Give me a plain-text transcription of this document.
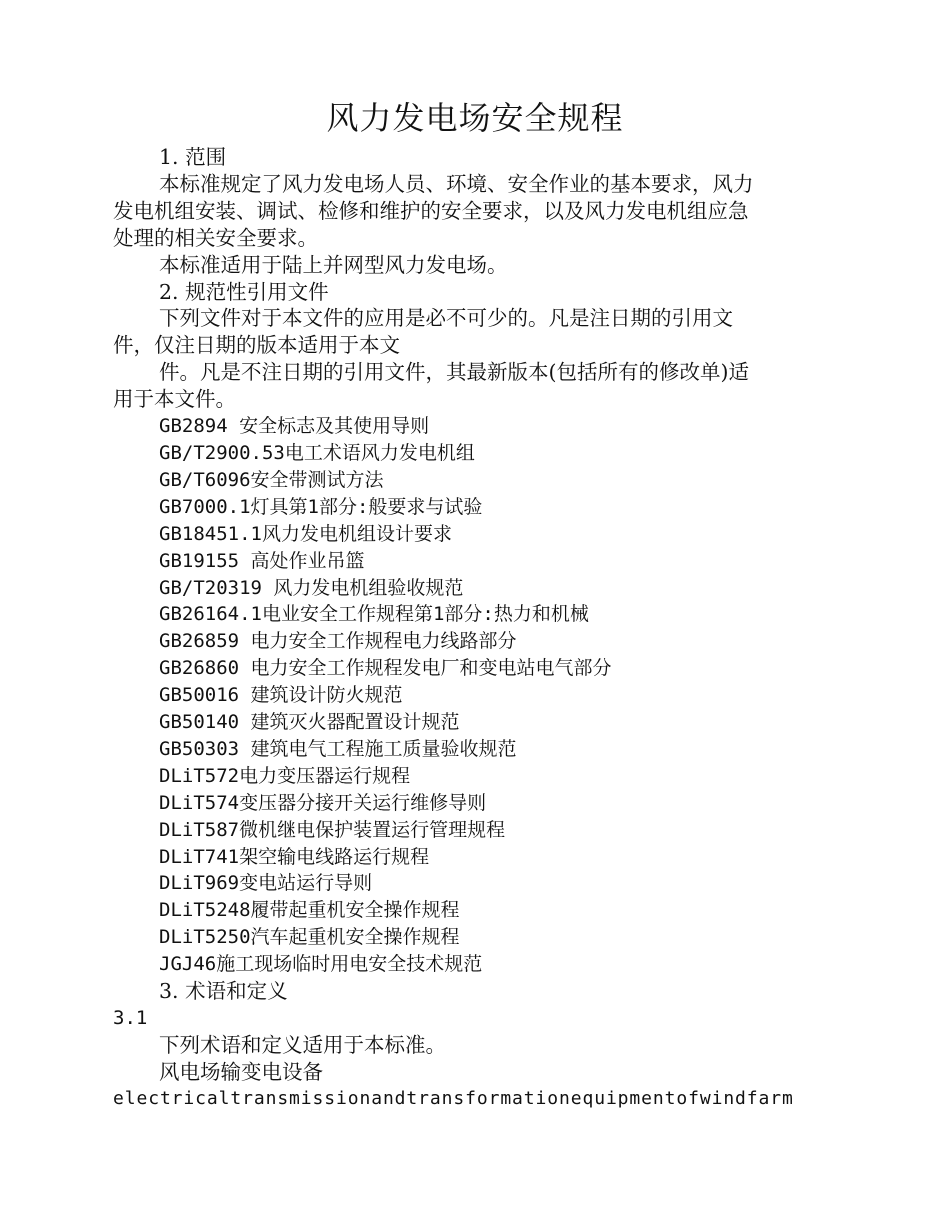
风力发电场安全规程

1. 范围

本标准规定了风力发电场人员、环境、安全作业的基本要求，风力

发电机组安装、调试、检修和维护的安全要求，以及风力发电机组应急

处理的相关安全要求。

本标准适用于陆上并网型风力发电场。

2. 规范性引用文件

下列文件对于本文件的应用是必不可少的。凡是注日期的引用文

件，仅注日期的版本适用于本文

件。凡是不注日期的引用文件，其最新版本(包括所有的修改单)适

用于本文件。

GB2894 安全标志及其使用导则

GB/T2900.53电工术语风力发电机组

GB/T6096安全带测试方法

GB7000.1灯具第1部分:般要求与试验

GB18451.1风力发电机组设计要求

GB19155 高处作业吊篮

GB/T20319 风力发电机组验收规范

GB26164.1电业安全工作规程第1部分:热力和机械

GB26859 电力安全工作规程电力线路部分

GB26860 电力安全工作规程发电厂和变电站电气部分

GB50016 建筑设计防火规范

GB50140 建筑灭火器配置设计规范

GB50303 建筑电气工程施工质量验收规范

DLiT572电力变压器运行规程

DLiT574变压器分接开关运行维修导则

DLiT587微机继电保护装置运行管理规程

DLiT741架空输电线路运行规程

DLiT969变电站运行导则

DLiT5248履带起重机安全操作规程

DLiT5250汽车起重机安全操作规程

JGJ46施工现场临时用电安全技术规范

3. 术语和定义

3.1

下列术语和定义适用于本标准。

风电场输变电设备

electricaltransmissionandtransformationequipmentofwindfarm
